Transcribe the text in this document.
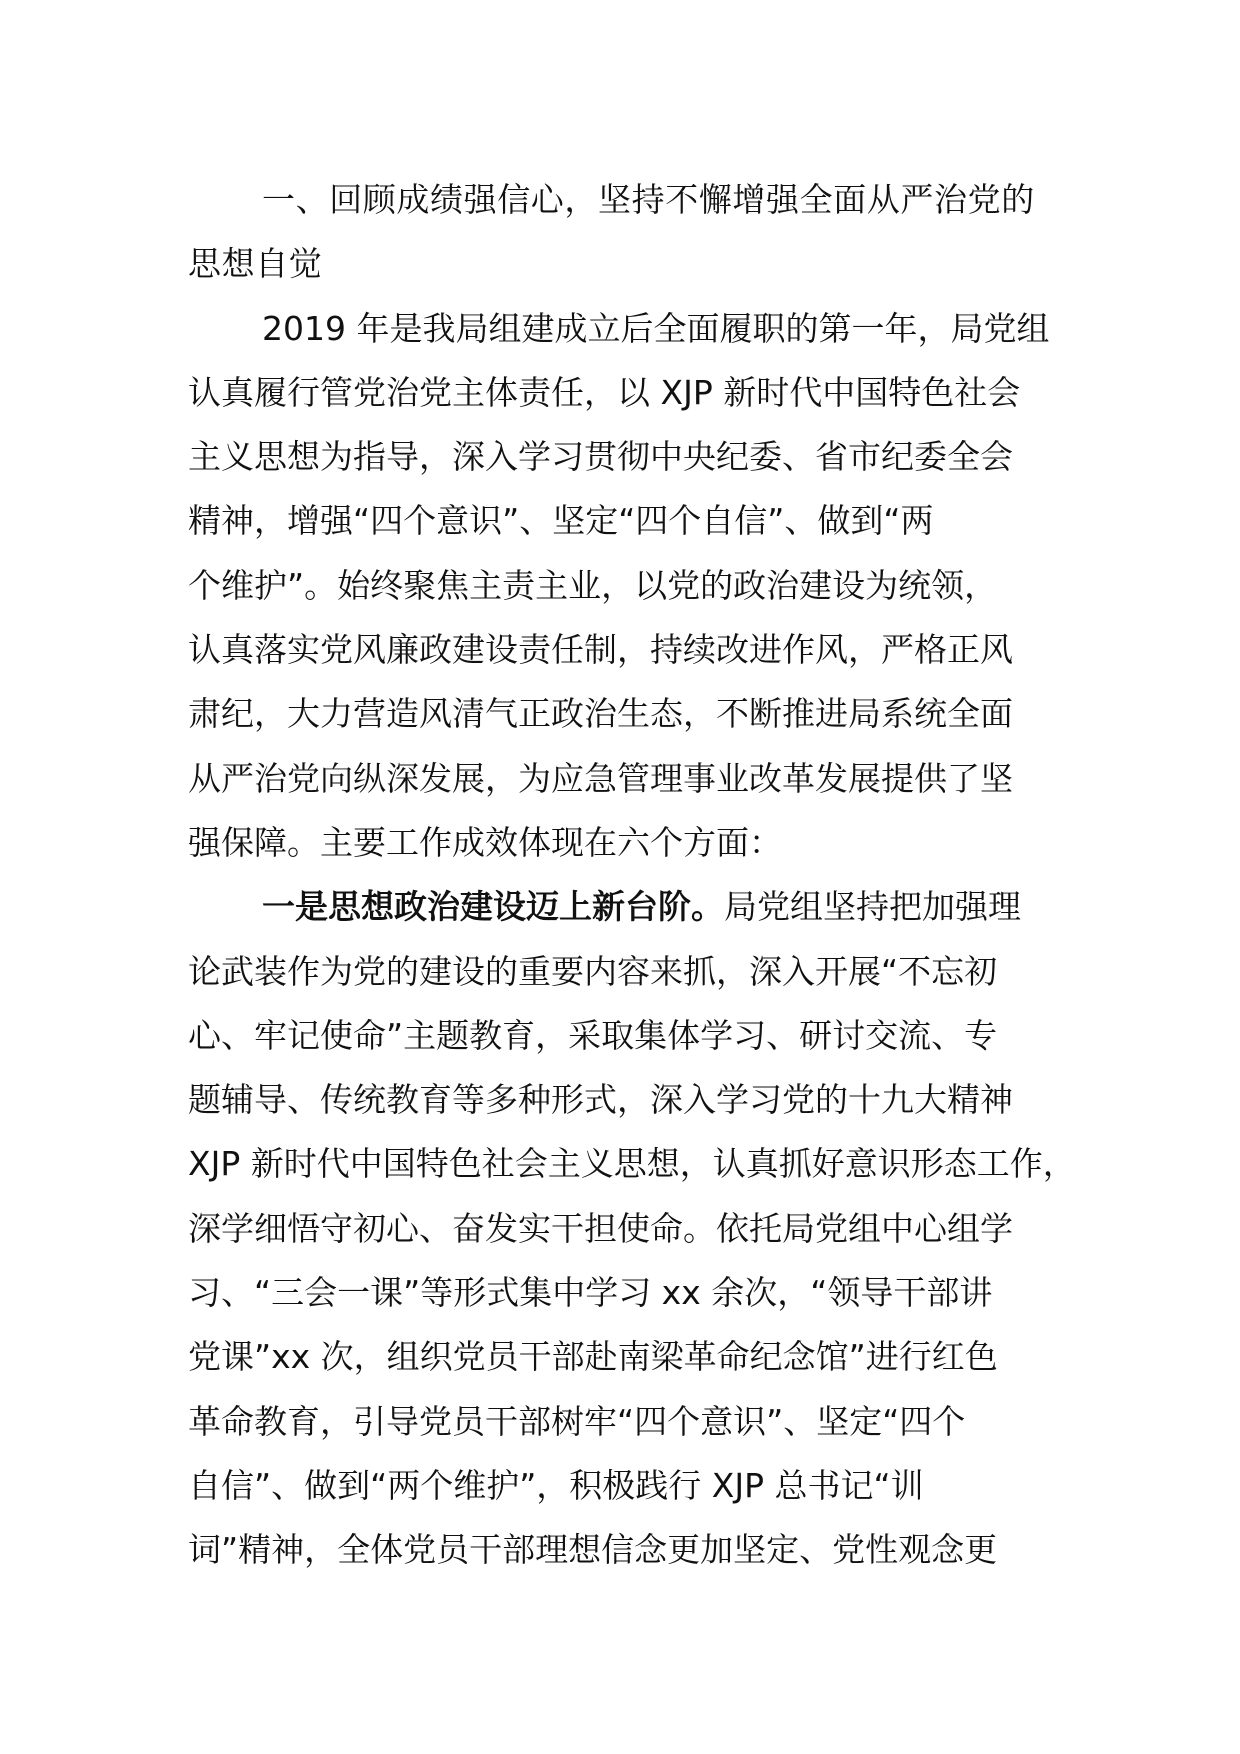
一、回顾成绩强信心，坚持不懈增强全面从严治党的
思想自觉
2019 年是我局组建成立后全面履职的第一年，局党组
认真履行管党治党主体责任，以 XJP 新时代中国特色社会
主义思想为指导，深入学习贯彻中央纪委、省市纪委全会
精神，增强“四个意识”、坚定“四个自信”、做到“两
个维护”。始终聚焦主责主业，以党的政治建设为统领，
认真落实党风廉政建设责任制，持续改进作风，严格正风
肃纪，大力营造风清气正政治生态，不断推进局系统全面
从严治党向纵深发展，为应急管理事业改革发展提供了坚
强保障。主要工作成效体现在六个方面：
一是思想政治建设迈上新台阶。局党组坚持把加强理
论武装作为党的建设的重要内容来抓，深入开展“不忘初
心、牢记使命”主题教育，采取集体学习、研讨交流、专
题辅导、传统教育等多种形式，深入学习党的十九大精神
XJP 新时代中国特色社会主义思想，认真抓好意识形态工作，
深学细悟守初心、奋发实干担使命。依托局党组中心组学
习、“三会一课”等形式集中学习 xx 余次，“领导干部讲
党课”xx 次，组织党员干部赴南梁革命纪念馆”进行红色
革命教育，引导党员干部树牢“四个意识”、坚定“四个
自信”、做到“两个维护”，积极践行 XJP 总书记“训
词”精神，全体党员干部理想信念更加坚定、党性观念更
